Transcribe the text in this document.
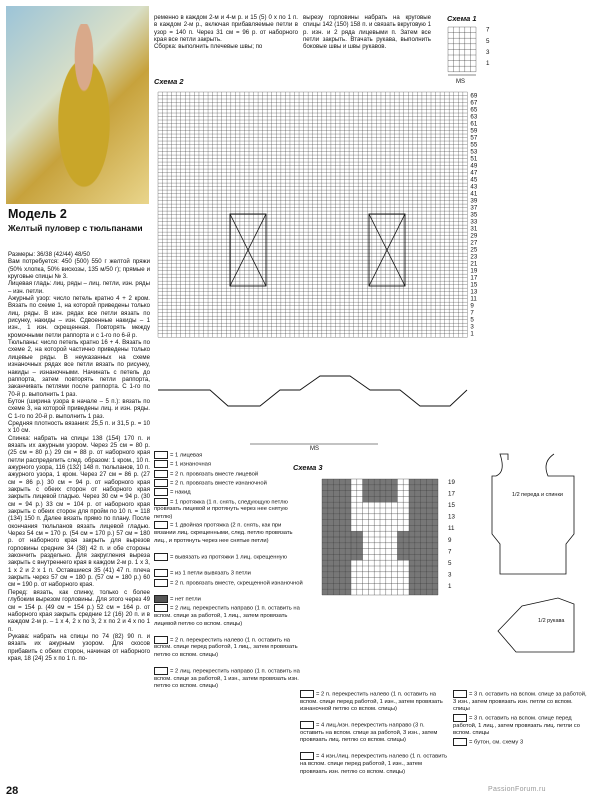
Модель 2
Желтый пуловер с тюльпанами

Размеры: 36/38 (42/44) 48/50

Вам потребуется: 450 (500) 550 г желтой пряжи (50% хлопка, 50% вискозы, 135 м/50 г); прямые и круговые спицы № 3.

Лицевая гладь: лиц. ряды – лиц. петли, изн. ряды – изн. петли.

Ажурный узор: число петель кратно 4 + 2 кром. Вязать по схеме 1, на которой приведены только лиц. ряды. В изн. рядах все петли вязать по рисунку, накиды – изн. Сдвоенные накиды – 1 изн., 1 изн. скрещенная. Повторять между кромочными петли раппорта и с 1-го по 6-й р.

Тюльпаны: число петель кратно 16 + 4. Вязать по схеме 2, на которой частично приведены только лицевые ряды. В неуказанных на схеме изнаночных рядах все петли вязать по рисунку, накиды – изнаночными. Начинать с петель до раппорта, затем повторять петли раппорта, заканчивать петлями после раппорта. С 1-го по 70-й р. выполнить 1 раз.

Бутон (ширина узора в начале – 5 п.): вязать по схеме 3, на которой приведены лиц. и изн. ряды. С 1-го по 20-й р. выполнить 1 раз.

Средняя плотность вязания: 25,5 п. и 31,5 р. = 10 х 10 см.

Спинка: набрать на спицы 138 (154) 170 п. и вязать их ажурным узором. Через 25 см = 80 р. (25 см = 80 р.) 29 см = 88 р. от наборного края петли распределить след. образом: 1 кром., 10 п. ажурного узора, 116 (132) 148 п. тюльпанов, 10 п. ажурного узора, 1 кром. Через 27 см = 86 р. (27 см = 86 р.) 30 см = 94 р. от наборного края закрыть с обеих сторон от наборного края закрыть лицевой гладью. Через 30 см = 94 р. (30 см = 94 р.) 33 см = 104 р. от наборного края закрыть с обеих сторон для пройм по 10 п. = 118 (134) 150 п. Далее вязать прямо по плану. После окончания тюльпанов вязать лицевой гладью. Через 54 см = 170 р. (54 см = 170 р.) 57 см = 180 р. от наборного края закрыть для вырезов горловины средние 34 (38) 42 п. и обе стороны закончить раздельно. Для закругления выреза закрыть с внутреннего края в каждом 2-м р. 1 х 3, 1 х 2 и 2 х 1 п. Оставшиеся 35 (41) 47 п. плеча закрыть через 57 см = 180 р. (57 см = 180 р.) 60 см = 190 р. от наборного края.

Перед: вязать, как спинку, только с более глубоким вырезом горловины. Для этого через 49 см = 154 р. (49 см = 154 р.) 52 см = 164 р. от наборного края закрыть средние 12 (16) 20 п. и в каждом 2-м р. – 1 х 4, 2 х по 3, 2 х по 2 и 4 х по 1 п.

Рукава: набрать на спицы по 74 (82) 90 п. и вязать их ажурным узором. Для скосов прибавить с обеих сторон, начиная от наборного края, 18 (24) 25 х по 1 п. по-

ременно в каждом 2-м и 4-м р. и 15 (5) 0 х по 1 п. в каждом 2-м р., включая прибавляемые петли в узор = 140 п. Через 31 см = 96 р. от наборного края все петли закрыть.

Сборка: выполнить плечевые швы; по

вырезу горловины набрать на круговые спицы 142 (150) 158 п. и связать вкруговую 1 р. изн. и 2 ряда лицевыми п. Затем все петли закрыть. Втачать рукава, выполнить боковые швы и швы рукавов.

Схема 1
7
5
3
1
MS
Схема 2
69
67
65
63
61
59
57
55
53
51
49
47
45
43
41
39
37
35
33
31
29
27
25
23
21
19
17
15
13
11
9
7
5
3
1
MS
Схема 3
19
17
15
13
11
9
7
5
3
1
= 1 лицевая
= 1 изнаночная
= 2 п. провязать вместе лицевой
= 2 п. провязать вместе изнаночной
= накид
= 1 протяжка (1 п. снять, следующую петлю провязать лицевой и протянуть через нее снятую петлю)
= 1 двойная протяжка (2 п. снять, как при вязании лиц. скрещенными, след. петлю провязать лиц., и протянуть через нее снятые петли)
= вывязать из протяжки 1 лиц. скрещенную
= из 1 петли вывязать 3 петли
= 2 п. провязать вместе, скрещенной изнаночной
= нет петли
= 2 лиц. перекрестить направо (1 п. оставить на вспом. спице за работой, 1 лиц., затем провязать лицевой петлю со вспом. спицы)
= 2 п. перекрестить налево (1 п. оставить на вспом. спице перед работой, 1 лиц., затем провязать петлю со вспом. спицы)
= 2 лиц. перекрестить направо (1 п. оставить на вспом. спице за работой, 1 изн., затем провязать изн. петлю со вспом. спицы)
= 2 п. перекрестить налево (1 п. оставить на вспом. спице перед работой, 1 изн., затем провязать изнаночной петлю со вспом. спицы)
= 4 лиц./изн. перекрестить направо (3 п. оставить на вспом. спице за работой, 3 изн., затем провязать лиц. петлю со вспом. спицы)
= 4 изн./лиц. перекрестить налево (1 п. оставить на вспом. спице перед работой, 1 изн., затем провязать изн. петлю со вспом. спицы)
= 3 п. оставить на вспом. спице за работой, 3 изн., затем провязать изн. петли со вспом. спицы
= 3 п. оставить на вспом. спице перед работой, 1 лиц., затем провязать лиц. петли со вспом. спицы
= бутон, см. схему 3
1/2 переда и спинки
1/2 рукава
28	PassionForum.ru
